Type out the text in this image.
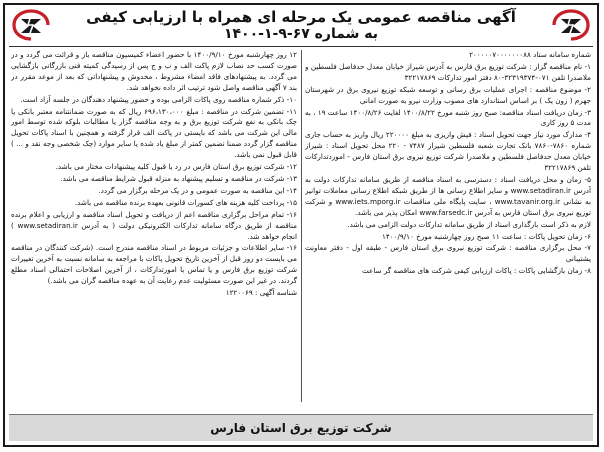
آگهی مناقصه عمومی یک مرحله ای همراه با ارزیابی کیفی
به شماره ۶۷-۹-۱-۱۴۰۰

شماره سامانه ستاد ۲۰۰۰۰۰۷۰۰۰۰۰۰۰۸۸

۱- نام مناقصه گزار : شرکت توزیع برق فارس به آدرس شیراز خیابان معدل حدفاصل فلسطین و ملاصدرا تلفن ۰۷۱-۳۲۳۱۹۳۷۴-۸۰ دفتر امور تدارکات ۳۲۲۱۷۸۶۹

۲- موضوع مناقصه : اجرای عملیات برق رسانی و توسعه شبکه توزیع نیروی برق در شهرستان جهرم ( زون یک ) بر اساس استاندارد های مصوب وزارت نیرو به صورت امانی

۳- زمان دریافت اسناد مناقصه: صبح روز شنبه مورخ ۱۴۰۰/۸/۲۲ لغایت ۱۴۰۰/۸/۲۶ ساعت ۱۹ ، به مدت ۵ روز کاری

۴- مدارک مورد نیاز جهت تحویل اسناد : فیش واریزی به مبلغ ۲۲۰۰۰۰ ریال واریز به حساب جاری شماره ۷۸۶۰-۷۸۶۰ بانک تجارت شعبه فلسطین شیراز ۷۴۸۷ - ۲۲۰ محل تحویل اسناد : شیراز خیابان معدل حدفاصل فلسطین و ملاصدرا شرکت توزیع نیروی برق استان فارس - اموردتدارکات تلفن ۳۲۲۱۷۸۶۹

۵- زمان و محل دریافت اسناد : دسترسی به اسناد مناقصه از طریق سامانه تدارکات دولت به آدرس www.setadiran.ir و سایر اطلاع رسانی ها از طریق شبکه اطلاع رسانی معاملات توانیر به نشانی www.tavanir.org.ir ، سایت پایگاه ملی مناقصات www.iets.mporg.ir و شرکت توزیع نیروی برق استان فارس به آدرس www.farsedc.ir امکان پذیر می باشد.

لازم به ذکر است بارگذاری اسناد از طریق سامانه تدارکات دولت الزامی می باشد.

۶- زمان تحویل پاکات : ساعت ۱۱ صبح روز چهارشنبه مورخ ۱۴۰۰/۹/۱۰

۷- محل برگزاری مناقصه : شرکت توزیع نیروی برق استان فارس - طبقه اول - دفتر معاونت پشتیبانی

۸- زمان بازگشایی پاکات : پاکات ارزیابی کیفی شرکت های مناقصه گر ساعت

۱۲ روز چهارشنبه مورخ ۱۴۰۰/۹/۱۰ با حضور اعضاء کمیسیون مناقصه باز و قرائت می گردد و در صورت کسب حد نصاب لازم پاکت الف و ب و ج پس از رسیدگی کمیته فنی بازرگانی بازگشایی می گردد. به پیشنهادهای فاقد امضاء مشروط ، مخدوش و پیشنهاداتی که بعد از موعد مقرر در بند ۷ آگهی مناقصه واصل شود ترتیب اثر داده نخواهد شد.

۱۰- ذکر شماره مناقصه روی پاکات الزامی بوده و حضور پیشنهاد دهندگان در جلسه آزاد است.

۱۱- تضمین شرکت در مناقصه : مبلغ ۶۹۶،۱۳۰،۰۰۰ ریال که به صورت ضمانتنامه معتبر بانکی یا چک بانکی به نفع شرکت توزیع برق و به وجه مناقصه گزار یا مطالبات بلوکه شده توسط امور مالی این شرکت می باشد که بایستی در پاکت الف قرار گرفته و همچنین با اسناد پاکات تحویل مناقصه گزار گردد ضمنا تضمین کمتر از مبلغ یاد شده یا سایر موارد (چک شخصی وجه نقد و ... ) قابل قبول نمی باشد.

۱۲- شرکت توزیع برق استان فارس در رد یا قبول کلیه پیشنهادات مختار می باشد.

۱۳- شرکت در مناقصه و تسلیم پیشنهاد به منزله قبول شرایط مناقصه می باشد.

۱۴- این مناقصه به صورت عمومی و در یک مرحله برگزار می گردد.

۱۵- پرداخت کلیه هزینه های کسورات قانونی بعهده برنده مناقصه می باشد.

۱۶- تمام مراحل برگزاری مناقصه اعم از دریافت و تحویل اسناد مناقصه و ارزیابی و اعلام برنده مناقصه از طریق درگاه سامانه تدارکات الکترونیکی دولت ( به آدرس www.setadiran.ir ) انجام خواهد شد.

۱۶- سایر اطلاعات و جزئیات مربوط در اسناد مناقصه مندرج است. (شرکت کنندگان در مناقصه می بایست دو روز قبل از آخرین تاریخ تحویل پاکات با مراجعه به سامانه نسبت به آخرین تغییرات شرکت توزیع برق فارس و یا تماس با امورتدارکات ، از آخرین اصلاحات احتمالی اسناد مطلع گردند. در غیر این صورت مسئولیت عدم رعایت آن به عهده مناقصه گران می باشد.)

شناسه آگهی : ۱۲۲۰۰۶۹

شرکت توزیع برق استان فارس
